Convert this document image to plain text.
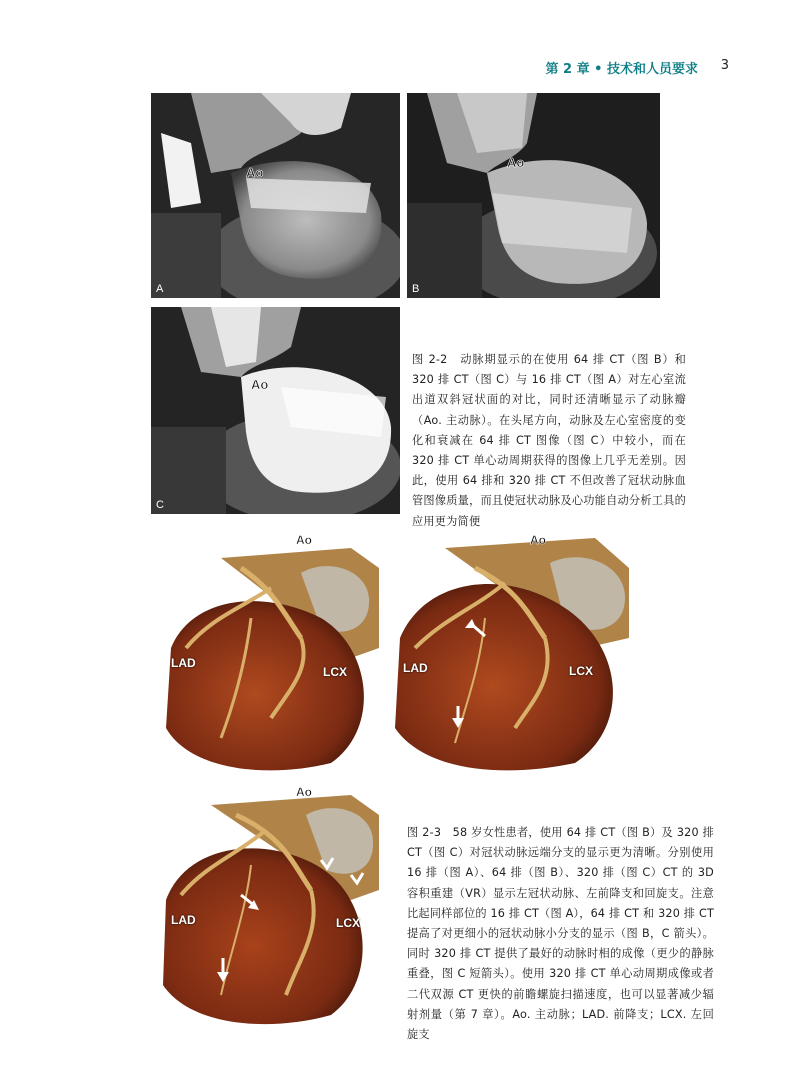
第 2 章 • 技术和人员要求 3
Ao
A
Ao
B
Ao
C
图 2-2　动脉期显示的在使用 64 排 CT（图 B）和 320 排 CT（图 C）与 16 排 CT（图 A）对左心室流出道双斜冠状面的对比，同时还清晰显示了动脉瓣（Ao. 主动脉）。在头尾方向，动脉及左心室密度的变化和衰减在 64 排 CT 图像（图 C）中较小，而在 320 排 CT 单心动周期获得的图像上几乎无差别。因此，使用 64 排和 320 排 CT 不但改善了冠状动脉血管图像质量，而且使冠状动脉及心功能自动分析工具的应用更为简便
Ao
LAD
LCX
A
Ao
LAD	LCX
B
Ao
LAD	LCX
C
图 2-3　58 岁女性患者，使用 64 排 CT（图 B）及 320 排 CT（图 C）对冠状动脉远端分支的显示更为清晰。分别使用 16 排（图 A）、64 排（图 B）、320 排（图 C）CT 的 3D 容积重建（VR）显示左冠状动脉、左前降支和回旋支。注意比起同样部位的 16 排 CT（图 A），64 排 CT 和 320 排 CT 提高了对更细小的冠状动脉小分支的显示（图 B，C 箭头）。同时 320 排 CT 提供了最好的动脉时相的成像（更少的静脉重叠，图 C 短箭头）。使用 320 排 CT 单心动周期成像或者二代双源 CT 更快的前瞻螺旋扫描速度，也可以显著减少辐射剂量（第 7 章）。Ao. 主动脉；LAD. 前降支；LCX. 左回旋支
